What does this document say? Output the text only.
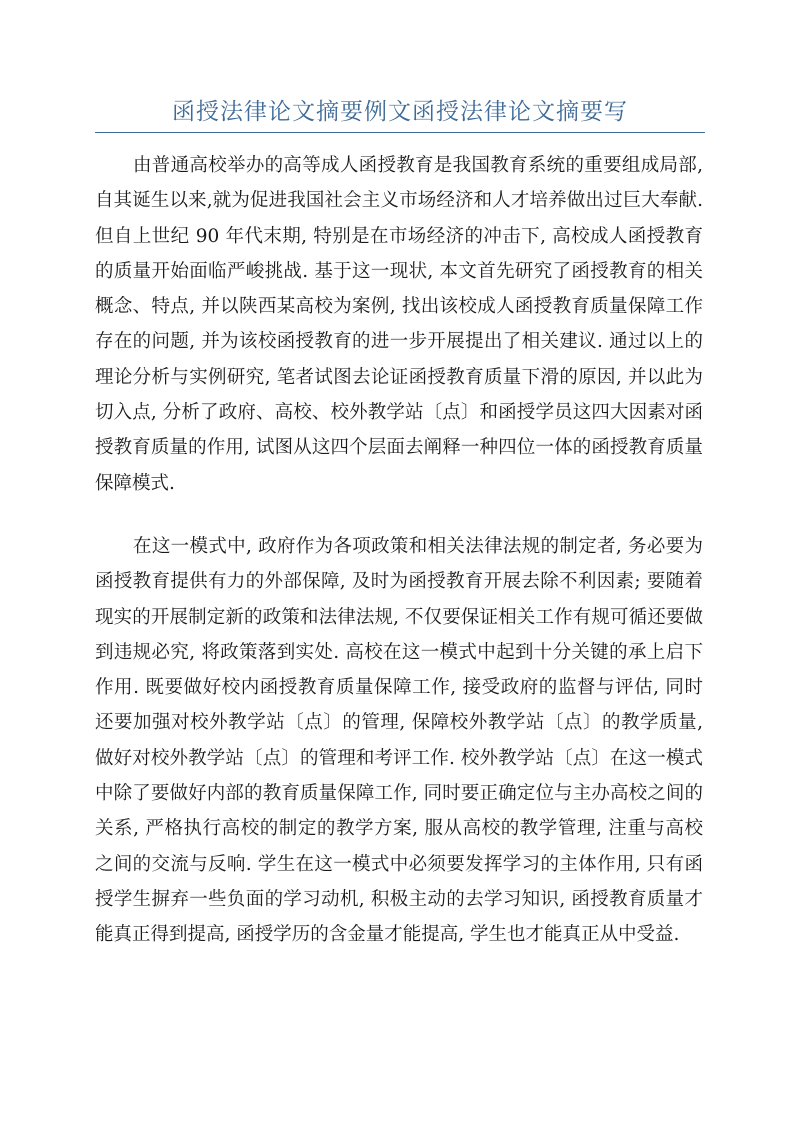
函授法律论文摘要例文函授法律论文摘要写

由普通高校举办的高等成人函授教育是我国教育系统的重要组成局部,自其诞生以来,就为促进我国社会主义市场经济和人才培养做出过巨大奉献. 但自上世纪 90 年代末期, 特别是在市场经济的冲击下, 高校成人函授教育的质量开始面临严峻挑战. 基于这一现状, 本文首先研究了函授教育的相关概念、特点, 并以陕西某高校为案例, 找出该校成人函授教育质量保障工作存在的问题, 并为该校函授教育的进一步开展提出了相关建议. 通过以上的理论分析与实例研究, 笔者试图去论证函授教育质量下滑的原因, 并以此为切入点, 分析了政府、高校、校外教学站〔点〕和函授学员这四大因素对函授教育质量的作用, 试图从这四个层面去阐释一种四位一体的函授教育质量保障模式.

在这一模式中, 政府作为各项政策和相关法律法规的制定者, 务必要为函授教育提供有力的外部保障, 及时为函授教育开展去除不利因素; 要随着现实的开展制定新的政策和法律法规, 不仅要保证相关工作有规可循还要做到违规必究, 将政策落到实处. 高校在这一模式中起到十分关键的承上启下作用. 既要做好校内函授教育质量保障工作, 接受政府的监督与评估, 同时还要加强对校外教学站〔点〕的管理, 保障校外教学站〔点〕的教学质量, 做好对校外教学站〔点〕的管理和考评工作. 校外教学站〔点〕在这一模式中除了要做好内部的教育质量保障工作, 同时要正确定位与主办高校之间的关系, 严格执行高校的制定的教学方案, 服从高校的教学管理, 注重与高校之间的交流与反响. 学生在这一模式中必须要发挥学习的主体作用, 只有函授学生摒弃一些负面的学习动机, 积极主动的去学习知识, 函授教育质量才能真正得到提高, 函授学历的含金量才能提高, 学生也才能真正从中受益.
